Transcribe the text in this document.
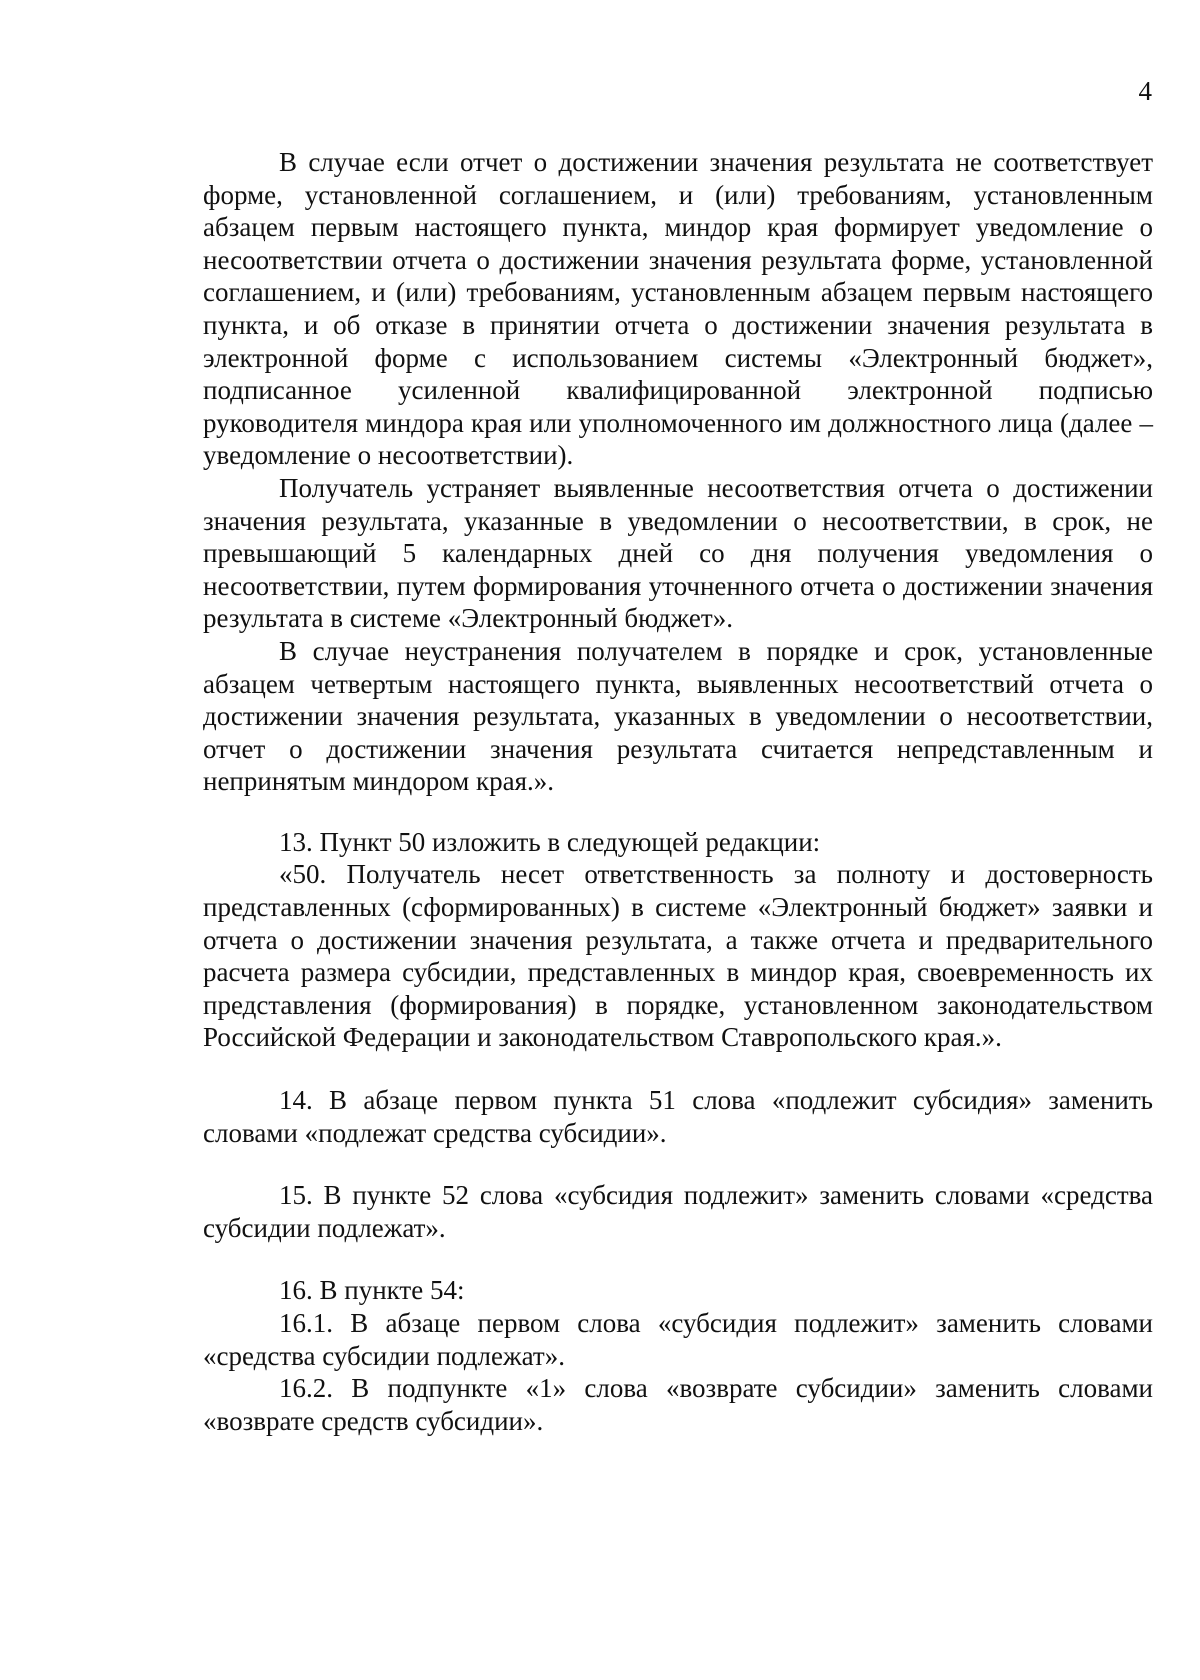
4

В случае если отчет о достижении значения результата не соответствует форме, установленной соглашением, и (или) требованиям, установленным абзацем первым настоящего пункта, миндор края формирует уведомление о несоответствии отчета о достижении значения результата форме, установленной соглашением, и (или) требованиям, установленным абзацем первым настоящего пункта, и об отказе в принятии отчета о достижении значения результата в электронной форме с использованием системы «Электронный бюджет», подписанное усиленной квалифицированной электронной подписью руководителя миндора края или уполномоченного им должностного лица (далее – уведомление о несоответствии).

Получатель устраняет выявленные несоответствия отчета о достижении значения результата, указанные в уведомлении о несоответствии, в срок, не превышающий 5 календарных дней со дня получения уведомления о несоответствии, путем формирования уточненного отчета о достижении значения результата в системе «Электронный бюджет».

В случае неустранения получателем в порядке и срок, установленные абзацем четвертым настоящего пункта, выявленных несоответствий отчета о достижении значения результата, указанных в уведомлении о несоответствии, отчет о достижении значения результата считается непредставленным и непринятым миндором края.».

13. Пункт 50 изложить в следующей редакции:

«50. Получатель несет ответственность за полноту и достоверность представленных (сформированных) в системе «Электронный бюджет» заявки и отчета о достижении значения результата, а также отчета и предварительного расчета размера субсидии, представленных в миндор края, своевременность их представления (формирования) в порядке, установленном законодательством Российской Федерации и законодательством Ставропольского края.».

14. В абзаце первом пункта 51 слова «подлежит субсидия» заменить словами «подлежат средства субсидии».

15. В пункте 52 слова «субсидия подлежит» заменить словами «средства субсидии подлежат».

16. В пункте 54:

16.1. В абзаце первом слова «субсидия подлежит» заменить словами «средства субсидии подлежат».

16.2. В подпункте «1» слова «возврате субсидии» заменить словами «возврате средств субсидии».
